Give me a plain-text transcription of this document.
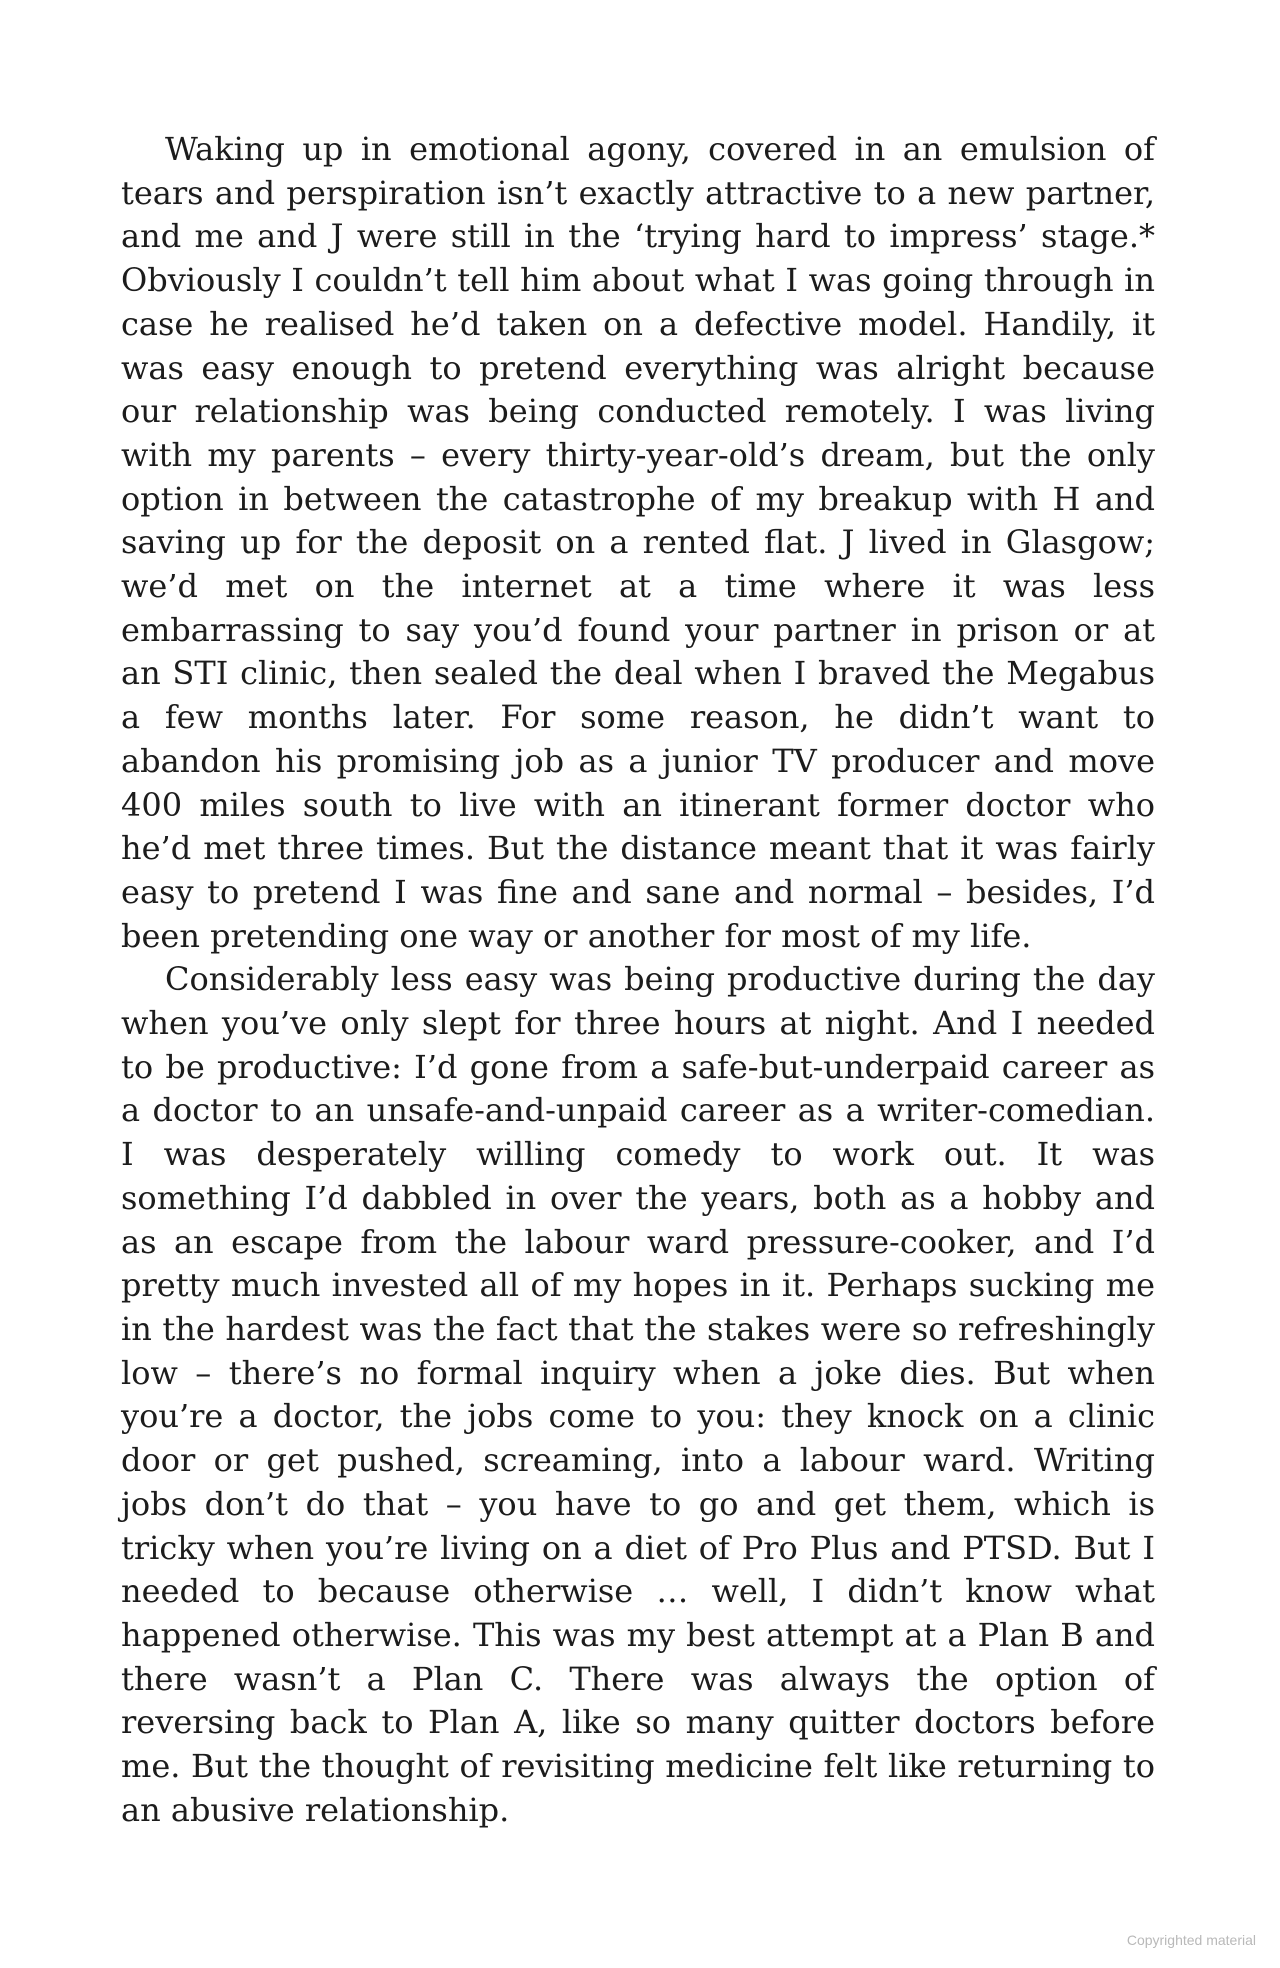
Waking up in emotional agony, covered in an emulsion of tears and perspiration isn’t exactly attractive to a new partner, and me and J were still in the ‘trying hard to impress’ stage.* Obviously I couldn’t tell him about what I was going through in case he realised he’d taken on a defective model. Handily, it was easy enough to pretend everything was alright because our relationship was being conducted remotely. I was living with my parents – every thirty-year-old’s dream, but the only option in between the catastrophe of my breakup with H and saving up for the deposit on a rented flat. J lived in Glasgow; we’d met on the internet at a time where it was less embarrassing to say you’d found your partner in prison or at an STI clinic, then sealed the deal when I braved the Megabus a few months later. For some reason, he didn’t want to abandon his promising job as a junior TV producer and move 400 miles south to live with an itinerant former doctor who he’d met three times. But the distance meant that it was fairly easy to pretend I was fine and sane and normal – besides, I’d been pretending one way or another for most of my life.

Considerably less easy was being productive during the day when you’ve only slept for three hours at night. And I needed to be productive: I’d gone from a safe-but-underpaid career as a doctor to an unsafe-and-unpaid career as a writer-comedian. I was desperately willing comedy to work out. It was something I’d dabbled in over the years, both as a hobby and as an escape from the labour ward pressure-cooker, and I’d pretty much invested all of my hopes in it. Perhaps sucking me in the hardest was the fact that the stakes were so refreshingly low – there’s no formal inquiry when a joke dies. But when you’re a doctor, the jobs come to you: they knock on a clinic door or get pushed, screaming, into a labour ward. Writing jobs don’t do that – you have to go and get them, which is tricky when you’re living on a diet of Pro Plus and PTSD. But I needed to because otherwise … well, I didn’t know what happened otherwise. This was my best attempt at a Plan B and there wasn’t a Plan C. There was always the option of reversing back to Plan A, like so many quitter doctors before me. But the thought of revisiting medicine felt like returning to an abusive relationship.

Copyrighted material
